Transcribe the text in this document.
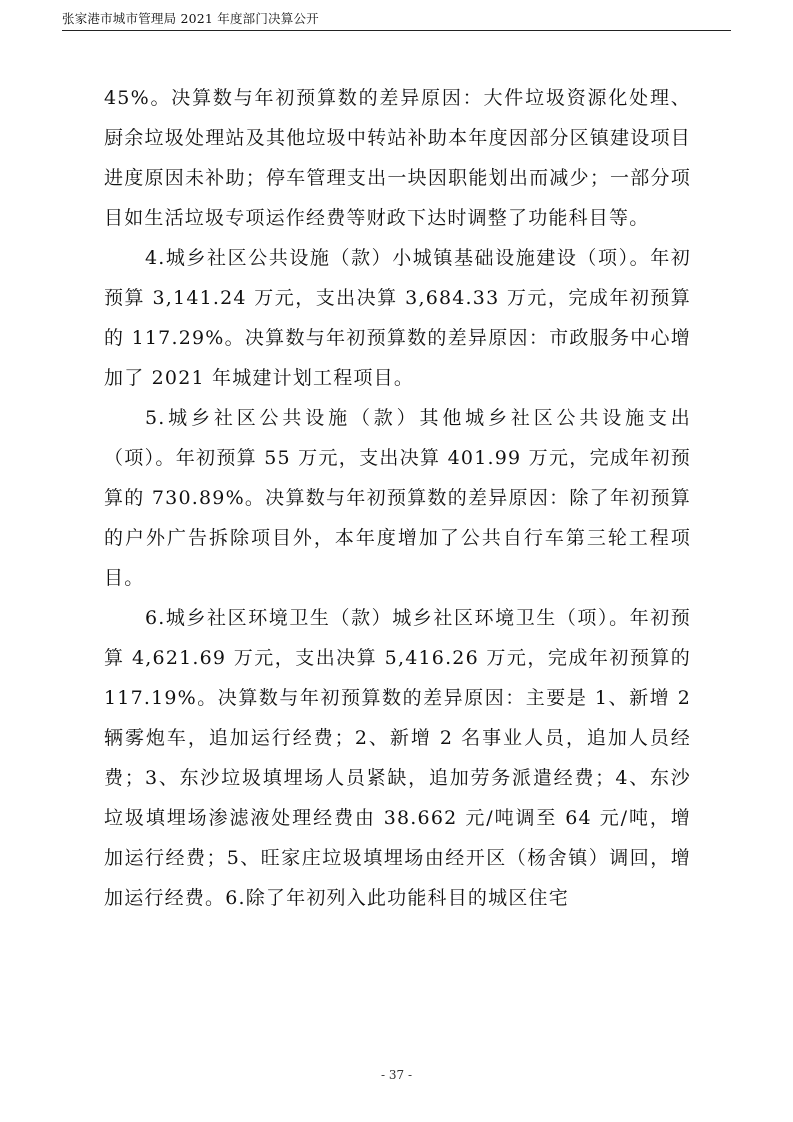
张家港市城市管理局 2021 年度部门决算公开

45%。决算数与年初预算数的差异原因：大件垃圾资源化处理、厨余垃圾处理站及其他垃圾中转站补助本年度因部分区镇建设项目进度原因未补助；停车管理支出一块因职能划出而减少；一部分项目如生活垃圾专项运作经费等财政下达时调整了功能科目等。

4.城乡社区公共设施（款）小城镇基础设施建设（项）。年初预算 3,141.24 万元，支出决算 3,684.33 万元，完成年初预算的 117.29%。决算数与年初预算数的差异原因：市政服务中心增加了 2021 年城建计划工程项目。

5.城乡社区公共设施（款）其他城乡社区公共设施支出（项）。年初预算 55 万元，支出决算 401.99 万元，完成年初预算的 730.89%。决算数与年初预算数的差异原因：除了年初预算的户外广告拆除项目外，本年度增加了公共自行车第三轮工程项目。

6.城乡社区环境卫生（款）城乡社区环境卫生（项）。年初预算 4,621.69 万元，支出决算 5,416.26 万元，完成年初预算的 117.19%。决算数与年初预算数的差异原因：主要是 1、新增 2 辆雾炮车，追加运行经费；2、新增 2 名事业人员，追加人员经费；3、东沙垃圾填埋场人员紧缺，追加劳务派遣经费；4、东沙垃圾填埋场渗滤液处理经费由 38.662 元/吨调至 64 元/吨，增加运行经费；5、旺家庄垃圾填埋场由经开区（杨舍镇）调回，增加运行经费。6.除了年初列入此功能科目的城区住宅

- 37 -
